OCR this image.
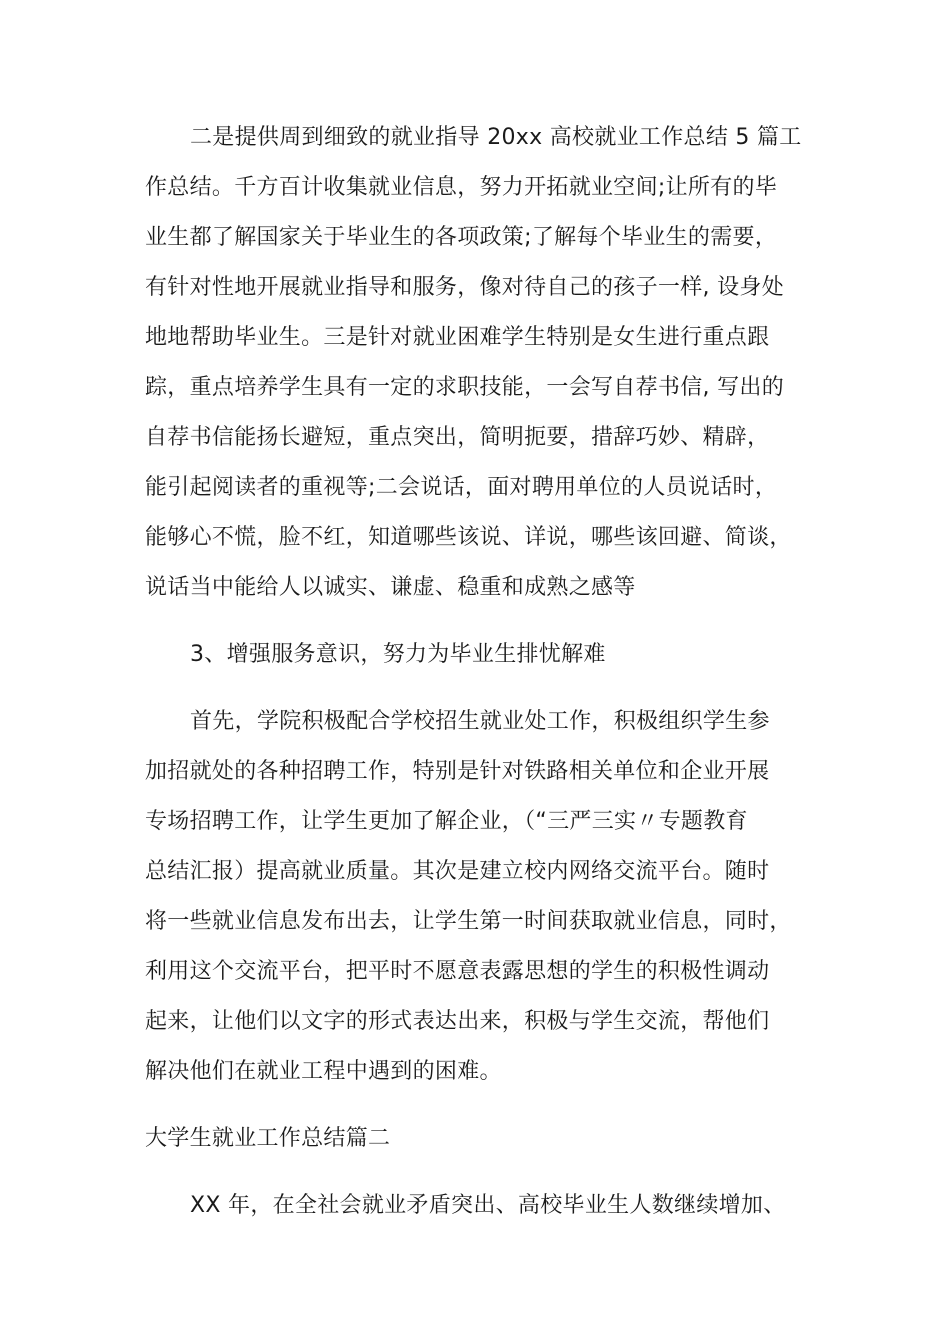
二是提供周到细致的就业指导 20xx 高校就业工作总结 5 篇工
作总结。千方百计收集就业信息，努力开拓就业空间;让所有的毕
业生都了解国家关于毕业生的各项政策;了解每个毕业生的需要，
有针对性地开展就业指导和服务，像对待自己的孩子一样, 设身处
地地帮助毕业生。三是针对就业困难学生特别是女生进行重点跟
踪，重点培养学生具有一定的求职技能，一会写自荐书信, 写出的
自荐书信能扬长避短，重点突出，简明扼要，措辞巧妙、精辟，
能引起阅读者的重视等;二会说话，面对聘用单位的人员说话时，
能够心不慌，脸不红，知道哪些该说、详说，哪些该回避、简谈，
说话当中能给人以诚实、谦虚、稳重和成熟之感等
3、增强服务意识，努力为毕业生排忧解难
首先，学院积极配合学校招生就业处工作，积极组织学生参
加招就处的各种招聘工作，特别是针对铁路相关单位和企业开展
专场招聘工作，让学生更加了解企业，（“三严三实〃专题教育
总结汇报）提高就业质量。其次是建立校内网络交流平台。随时
将一些就业信息发布出去，让学生第一时间获取就业信息，同时，
利用这个交流平台，把平时不愿意表露思想的学生的积极性调动
起来，让他们以文字的形式表达出来，积极与学生交流，帮他们
解决他们在就业工程中遇到的困难。
大学生就业工作总结篇二
XX 年，在全社会就业矛盾突出、高校毕业生人数继续增加、
